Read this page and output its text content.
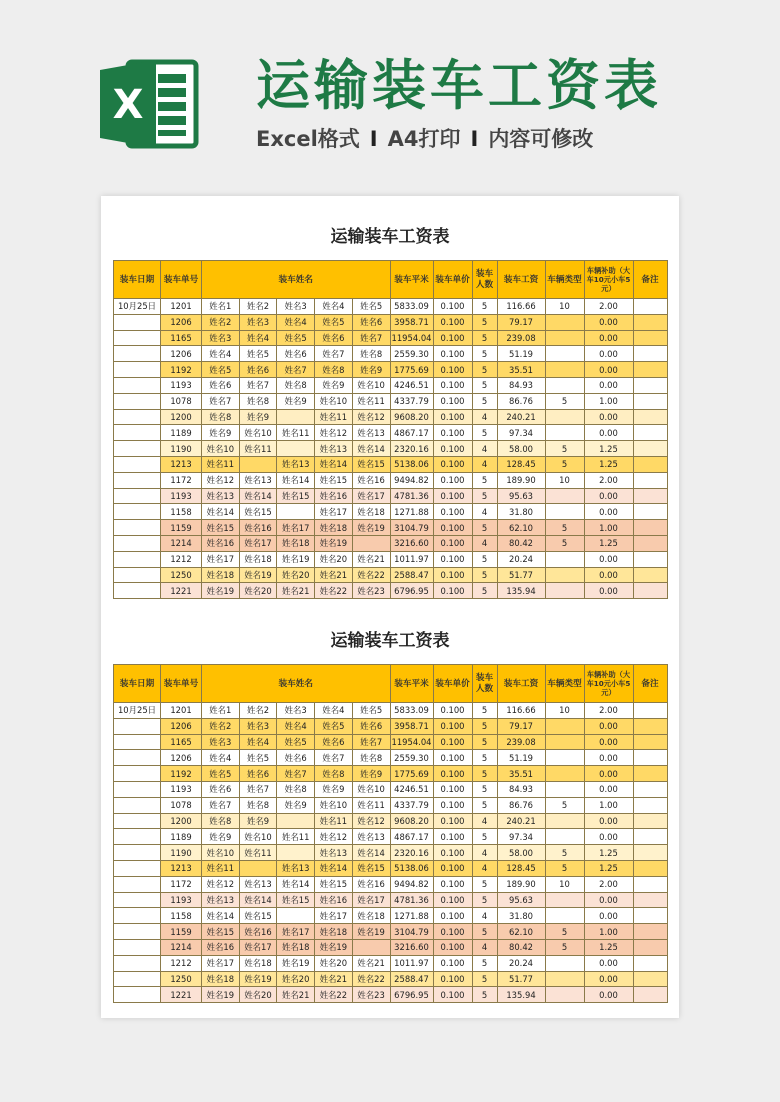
X 运输装车工资表
Excel格式 I A4打印 I 内容可修改
运输装车工资表
装车日期	装车单号	装车姓名					装车平米	装车单价	装车人数	装车工资	车辆类型	车辆补助（大车10元小车5元）	备注
10月25日	1201	姓名1	姓名2	姓名3	姓名4	姓名5	5833.09	0.100	5	116.66	10	2.00	
	1206	姓名2	姓名3	姓名4	姓名5	姓名6	3958.71	0.100	5	79.17		0.00	
	1165	姓名3	姓名4	姓名5	姓名6	姓名7	11954.04	0.100	5	239.08		0.00	
	1206	姓名4	姓名5	姓名6	姓名7	姓名8	2559.30	0.100	5	51.19		0.00	
	1192	姓名5	姓名6	姓名7	姓名8	姓名9	1775.69	0.100	5	35.51		0.00	
	1193	姓名6	姓名7	姓名8	姓名9	姓名10	4246.51	0.100	5	84.93		0.00	
	1078	姓名7	姓名8	姓名9	姓名10	姓名11	4337.79	0.100	5	86.76	5	1.00	
	1200	姓名8	姓名9		姓名11	姓名12	9608.20	0.100	4	240.21		0.00	
	1189	姓名9	姓名10	姓名11	姓名12	姓名13	4867.17	0.100	5	97.34		0.00	
	1190	姓名10	姓名11		姓名13	姓名14	2320.16	0.100	4	58.00	5	1.25	
	1213	姓名11		姓名13	姓名14	姓名15	5138.06	0.100	4	128.45	5	1.25	
	1172	姓名12	姓名13	姓名14	姓名15	姓名16	9494.82	0.100	5	189.90	10	2.00	
	1193	姓名13	姓名14	姓名15	姓名16	姓名17	4781.36	0.100	5	95.63		0.00	
	1158	姓名14	姓名15		姓名17	姓名18	1271.88	0.100	4	31.80		0.00	
	1159	姓名15	姓名16	姓名17	姓名18	姓名19	3104.79	0.100	5	62.10	5	1.00	
	1214	姓名16	姓名17	姓名18	姓名19		3216.60	0.100	4	80.42	5	1.25	
	1212	姓名17	姓名18	姓名19	姓名20	姓名21	1011.97	0.100	5	20.24		0.00	
	1250	姓名18	姓名19	姓名20	姓名21	姓名22	2588.47	0.100	5	51.77		0.00	
	1221	姓名19	姓名20	姓名21	姓名22	姓名23	6796.95	0.100	5	135.94		0.00	
运输装车工资表
装车日期	装车单号	装车姓名					装车平米	装车单价	装车人数	装车工资	车辆类型	车辆补助（大车10元小车5元）	备注
10月25日	1201	姓名1	姓名2	姓名3	姓名4	姓名5	5833.09	0.100	5	116.66	10	2.00	
	1206	姓名2	姓名3	姓名4	姓名5	姓名6	3958.71	0.100	5	79.17		0.00	
	1165	姓名3	姓名4	姓名5	姓名6	姓名7	11954.04	0.100	5	239.08		0.00	
	1206	姓名4	姓名5	姓名6	姓名7	姓名8	2559.30	0.100	5	51.19		0.00	
	1192	姓名5	姓名6	姓名7	姓名8	姓名9	1775.69	0.100	5	35.51		0.00	
	1193	姓名6	姓名7	姓名8	姓名9	姓名10	4246.51	0.100	5	84.93		0.00	
	1078	姓名7	姓名8	姓名9	姓名10	姓名11	4337.79	0.100	5	86.76	5	1.00	
	1200	姓名8	姓名9		姓名11	姓名12	9608.20	0.100	4	240.21		0.00	
	1189	姓名9	姓名10	姓名11	姓名12	姓名13	4867.17	0.100	5	97.34		0.00	
	1190	姓名10	姓名11		姓名13	姓名14	2320.16	0.100	4	58.00	5	1.25	
	1213	姓名11		姓名13	姓名14	姓名15	5138.06	0.100	4	128.45	5	1.25	
	1172	姓名12	姓名13	姓名14	姓名15	姓名16	9494.82	0.100	5	189.90	10	2.00	
	1193	姓名13	姓名14	姓名15	姓名16	姓名17	4781.36	0.100	5	95.63		0.00	
	1158	姓名14	姓名15		姓名17	姓名18	1271.88	0.100	4	31.80		0.00	
	1159	姓名15	姓名16	姓名17	姓名18	姓名19	3104.79	0.100	5	62.10	5	1.00	
	1214	姓名16	姓名17	姓名18	姓名19		3216.60	0.100	4	80.42	5	1.25	
	1212	姓名17	姓名18	姓名19	姓名20	姓名21	1011.97	0.100	5	20.24		0.00	
	1250	姓名18	姓名19	姓名20	姓名21	姓名22	2588.47	0.100	5	51.77		0.00	
	1221	姓名19	姓名20	姓名21	姓名22	姓名23	6796.95	0.100	5	135.94		0.00	
